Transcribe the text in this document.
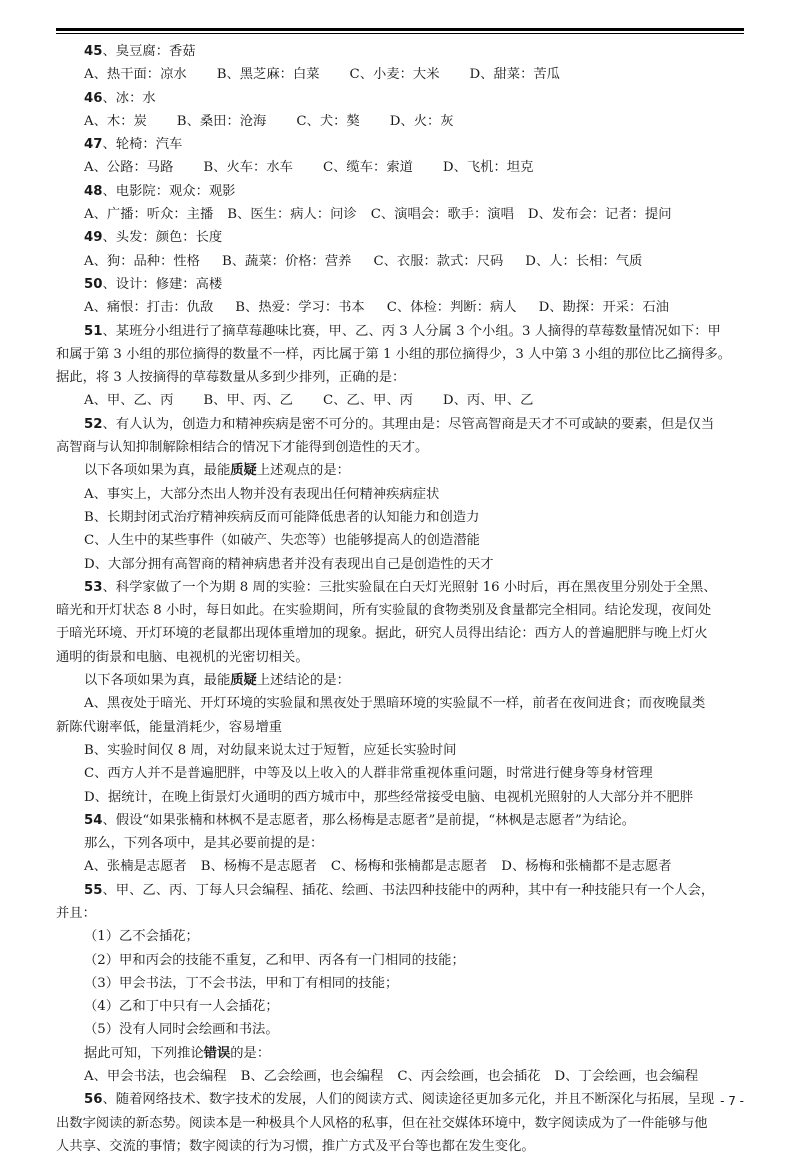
45、臭豆腐：香菇
A、热干面：凉水 B、黑芝麻：白菜 C、小麦：大米 D、甜菜：苦瓜
46、冰：水
A、木：炭 B、桑田：沧海 C、犬：獒 D、火：灰
47、轮椅：汽车
A、公路：马路 B、火车：水车 C、缆车：索道 D、飞机：坦克
48、电影院：观众：观影
A、广播：听众：主播 B、医生：病人：问诊 C、演唱会：歌手：演唱 D、发布会：记者：提问
49、头发：颜色：长度
A、狗：品种：性格 B、蔬菜：价格：营养 C、衣服：款式：尺码 D、人：长相：气质
50、设计：修建：高楼
A、痛恨：打击：仇敌 B、热爱：学习：书本 C、体检：判断：病人 D、勘探：开采：石油
51、某班分小组进行了摘草莓趣味比赛，甲、乙、丙 3 人分属 3 个小组。3 人摘得的草莓数量情况如下：甲
和属于第 3 小组的那位摘得的数量不一样，丙比属于第 1 小组的那位摘得少，3 人中第 3 小组的那位比乙摘得多。
据此，将 3 人按摘得的草莓数量从多到少排列，正确的是：
A、甲、乙、丙 B、甲、丙、乙 C、乙、甲、丙 D、丙、甲、乙
52、有人认为，创造力和精神疾病是密不可分的。其理由是：尽管高智商是天才不可或缺的要素，但是仅当
高智商与认知抑制解除相结合的情况下才能得到创造性的天才。
以下各项如果为真，最能质疑上述观点的是：
A、事实上，大部分杰出人物并没有表现出任何精神疾病症状
B、长期封闭式治疗精神疾病反而可能降低患者的认知能力和创造力
C、人生中的某些事件（如破产、失恋等）也能够提高人的创造潜能
D、大部分拥有高智商的精神病患者并没有表现出自己是创造性的天才
53、科学家做了一个为期 8 周的实验：三批实验鼠在白天灯光照射 16 小时后，再在黑夜里分别处于全黑、
暗光和开灯状态 8 小时，每日如此。在实验期间，所有实验鼠的食物类别及食量都完全相同。结论发现，夜间处
于暗光环境、开灯环境的老鼠都出现体重增加的现象。据此，研究人员得出结论：西方人的普遍肥胖与晚上灯火
通明的街景和电脑、电视机的光密切相关。
以下各项如果为真，最能质疑上述结论的是：
A、黑夜处于暗光、开灯环境的实验鼠和黑夜处于黑暗环境的实验鼠不一样，前者在夜间进食；而夜晚鼠类
新陈代谢率低，能量消耗少，容易增重
B、实验时间仅 8 周，对幼鼠来说太过于短暂，应延长实验时间
C、西方人并不是普遍肥胖，中等及以上收入的人群非常重视体重问题，时常进行健身等身材管理
D、据统计，在晚上街景灯火通明的西方城市中，那些经常接受电脑、电视机光照射的人大部分并不肥胖
54、假设“如果张楠和林枫不是志愿者，那么杨梅是志愿者”是前提，“林枫是志愿者”为结论。
那么，下列各项中，是其必要前提的是：
A、张楠是志愿者 B、杨梅不是志愿者 C、杨梅和张楠都是志愿者 D、杨梅和张楠都不是志愿者
55、甲、乙、丙、丁每人只会编程、插花、绘画、书法四种技能中的两种，其中有一种技能只有一个人会，
并且：
（1）乙不会插花；
（2）甲和丙会的技能不重复，乙和甲、丙各有一门相同的技能；
（3）甲会书法，丁不会书法，甲和丁有相同的技能；
（4）乙和丁中只有一人会插花；
（5）没有人同时会绘画和书法。
据此可知，下列推论错误的是：
A、甲会书法，也会编程 B、乙会绘画，也会编程 C、丙会绘画，也会插花 D、丁会绘画，也会编程
56、随着网络技术、数字技术的发展，人们的阅读方式、阅读途径更加多元化，并且不断深化与拓展，呈现
出数字阅读的新态势。阅读本是一种极具个人风格的私事，但在社交媒体环境中，数字阅读成为了一件能够与他
人共享、交流的事情；数字阅读的行为习惯，推广方式及平台等也都在发生变化。
- 7 -
